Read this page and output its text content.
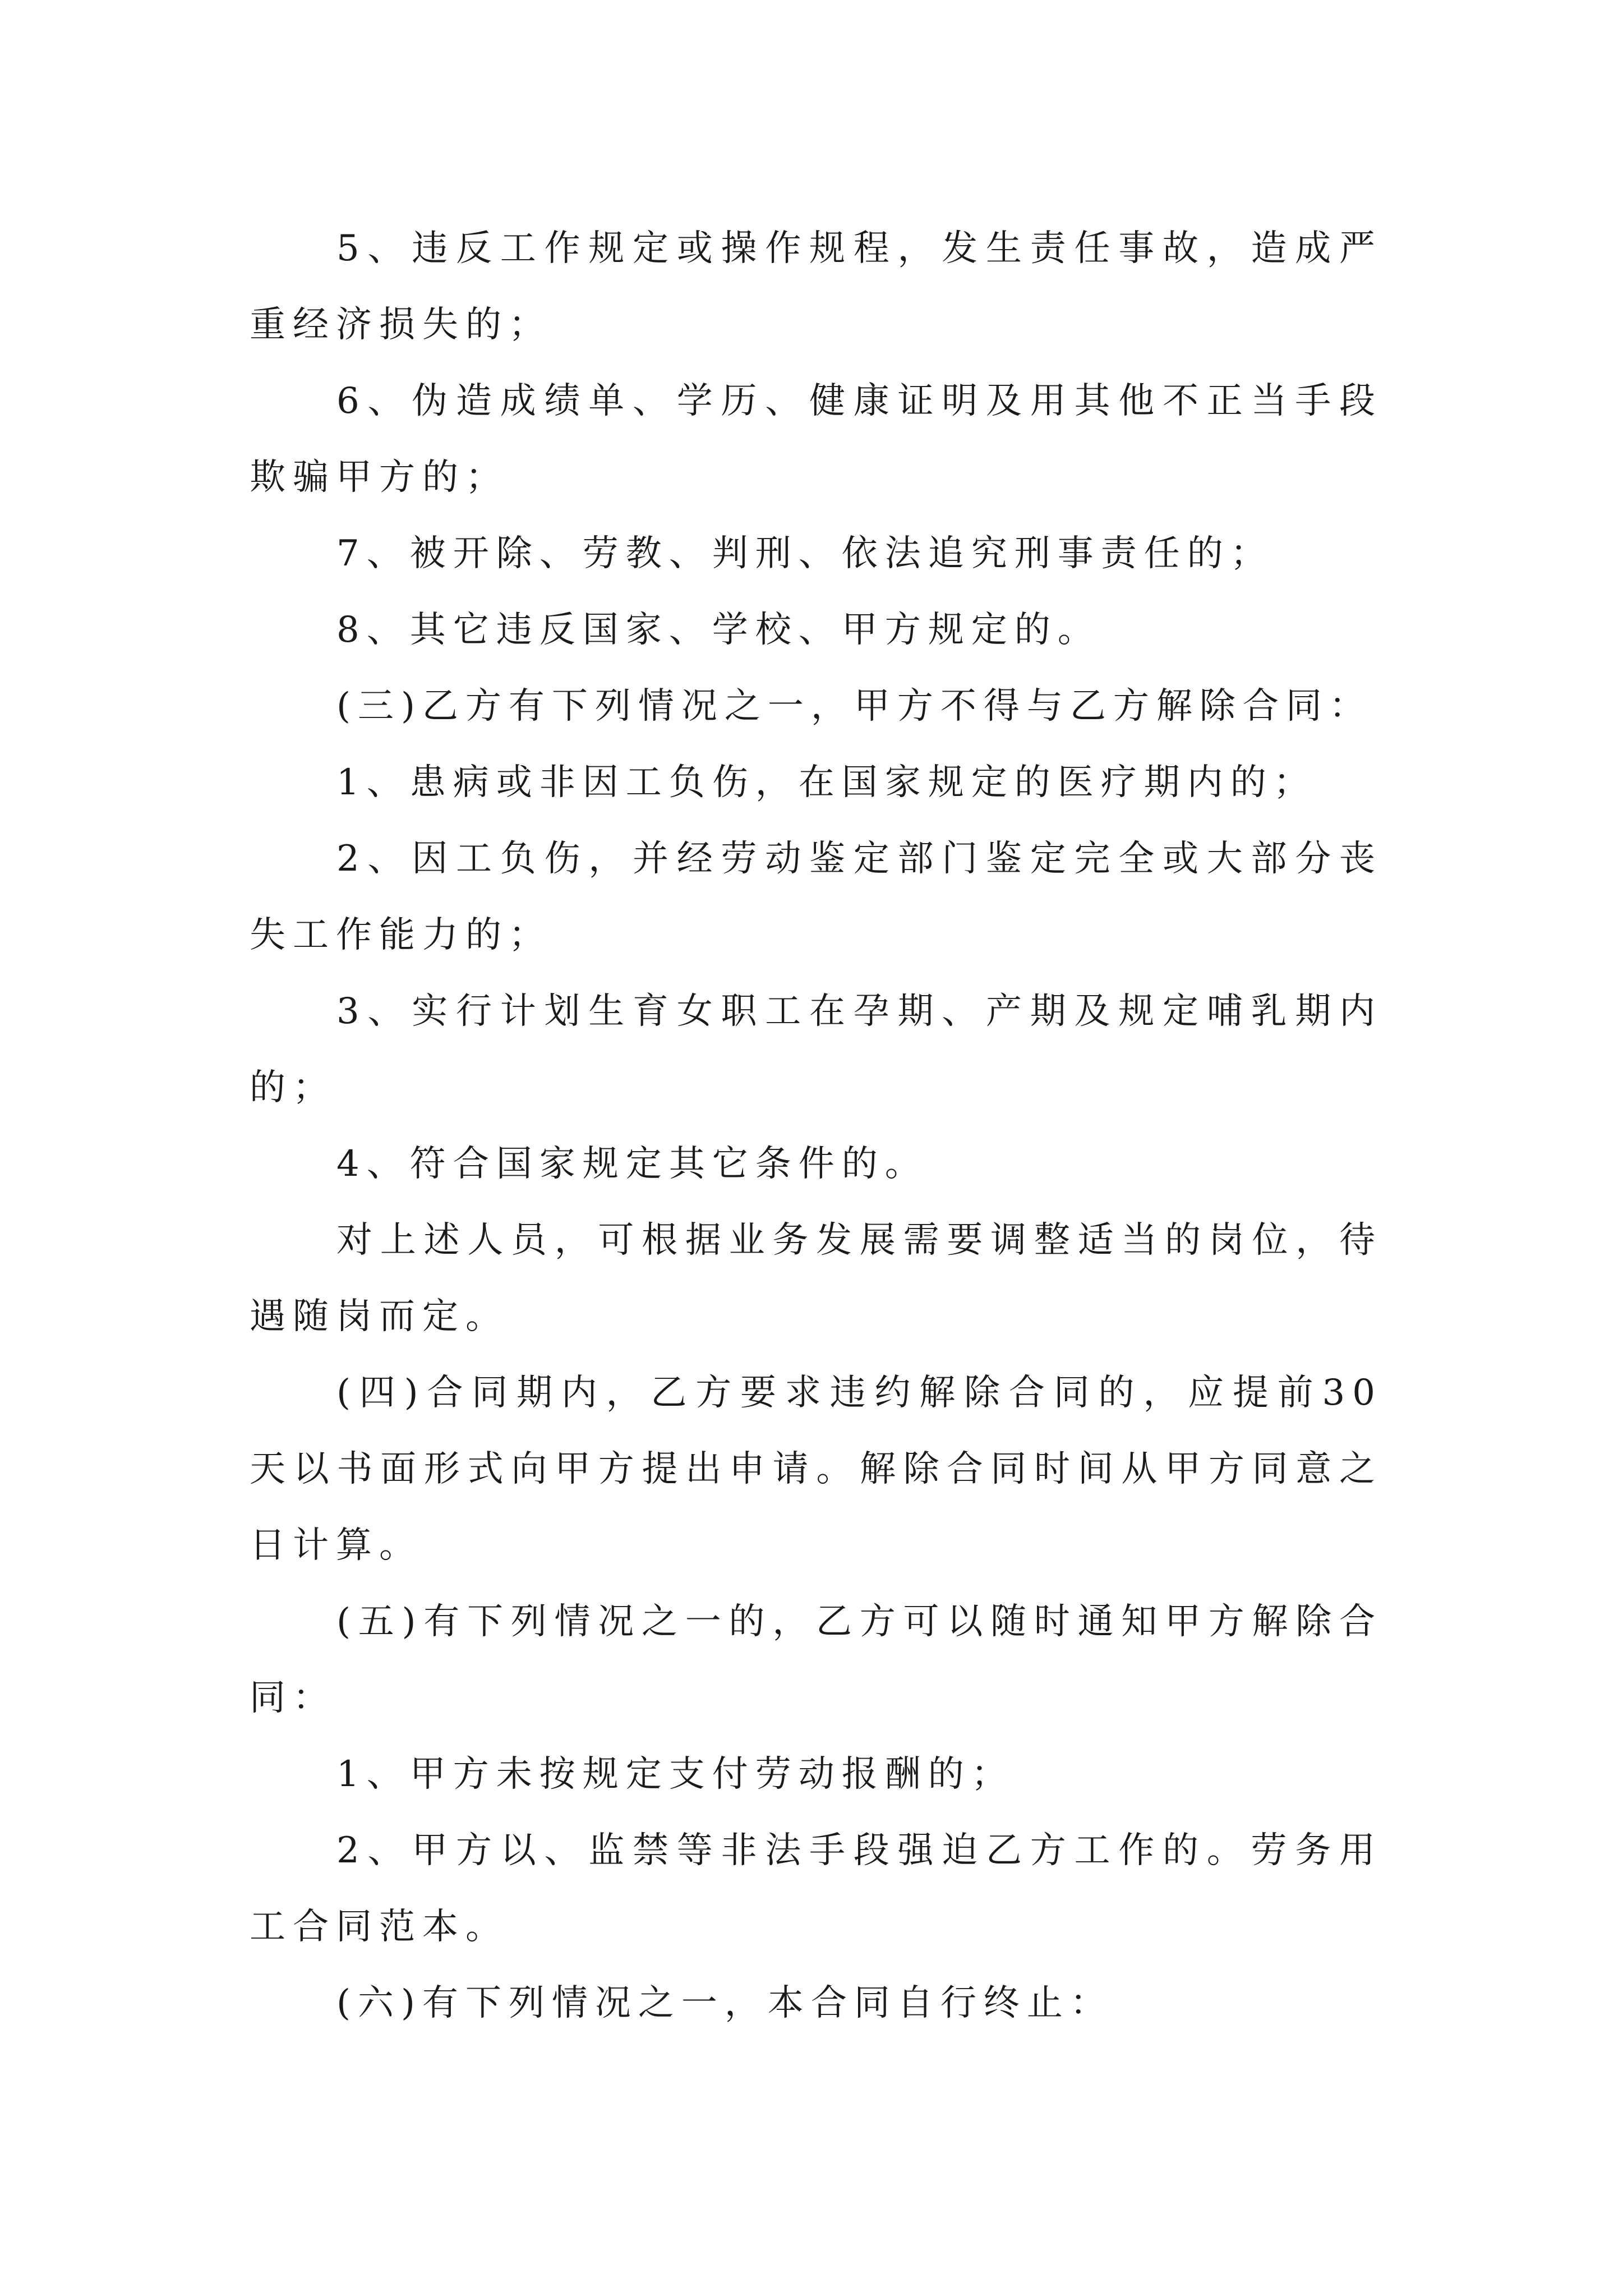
5、违反工作规定或操作规程，发生责任事故，造成严重经济损失的；

6、伪造成绩单、学历、健康证明及用其他不正当手段欺骗甲方的；

7、被开除、劳教、判刑、依法追究刑事责任的；

8、其它违反国家、学校、甲方规定的。

(三)乙方有下列情况之一，甲方不得与乙方解除合同：

1、患病或非因工负伤，在国家规定的医疗期内的；

2、因工负伤，并经劳动鉴定部门鉴定完全或大部分丧失工作能力的；

3、实行计划生育女职工在孕期、产期及规定哺乳期内的；

4、符合国家规定其它条件的。

对上述人员，可根据业务发展需要调整适当的岗位，待遇随岗而定。

(四)合同期内，乙方要求违约解除合同的，应提前30天以书面形式向甲方提出申请。解除合同时间从甲方同意之日计算。

(五)有下列情况之一的，乙方可以随时通知甲方解除合同：

1、甲方未按规定支付劳动报酬的；

2、甲方以、监禁等非法手段强迫乙方工作的。劳务用工合同范本。

(六)有下列情况之一，本合同自行终止：
